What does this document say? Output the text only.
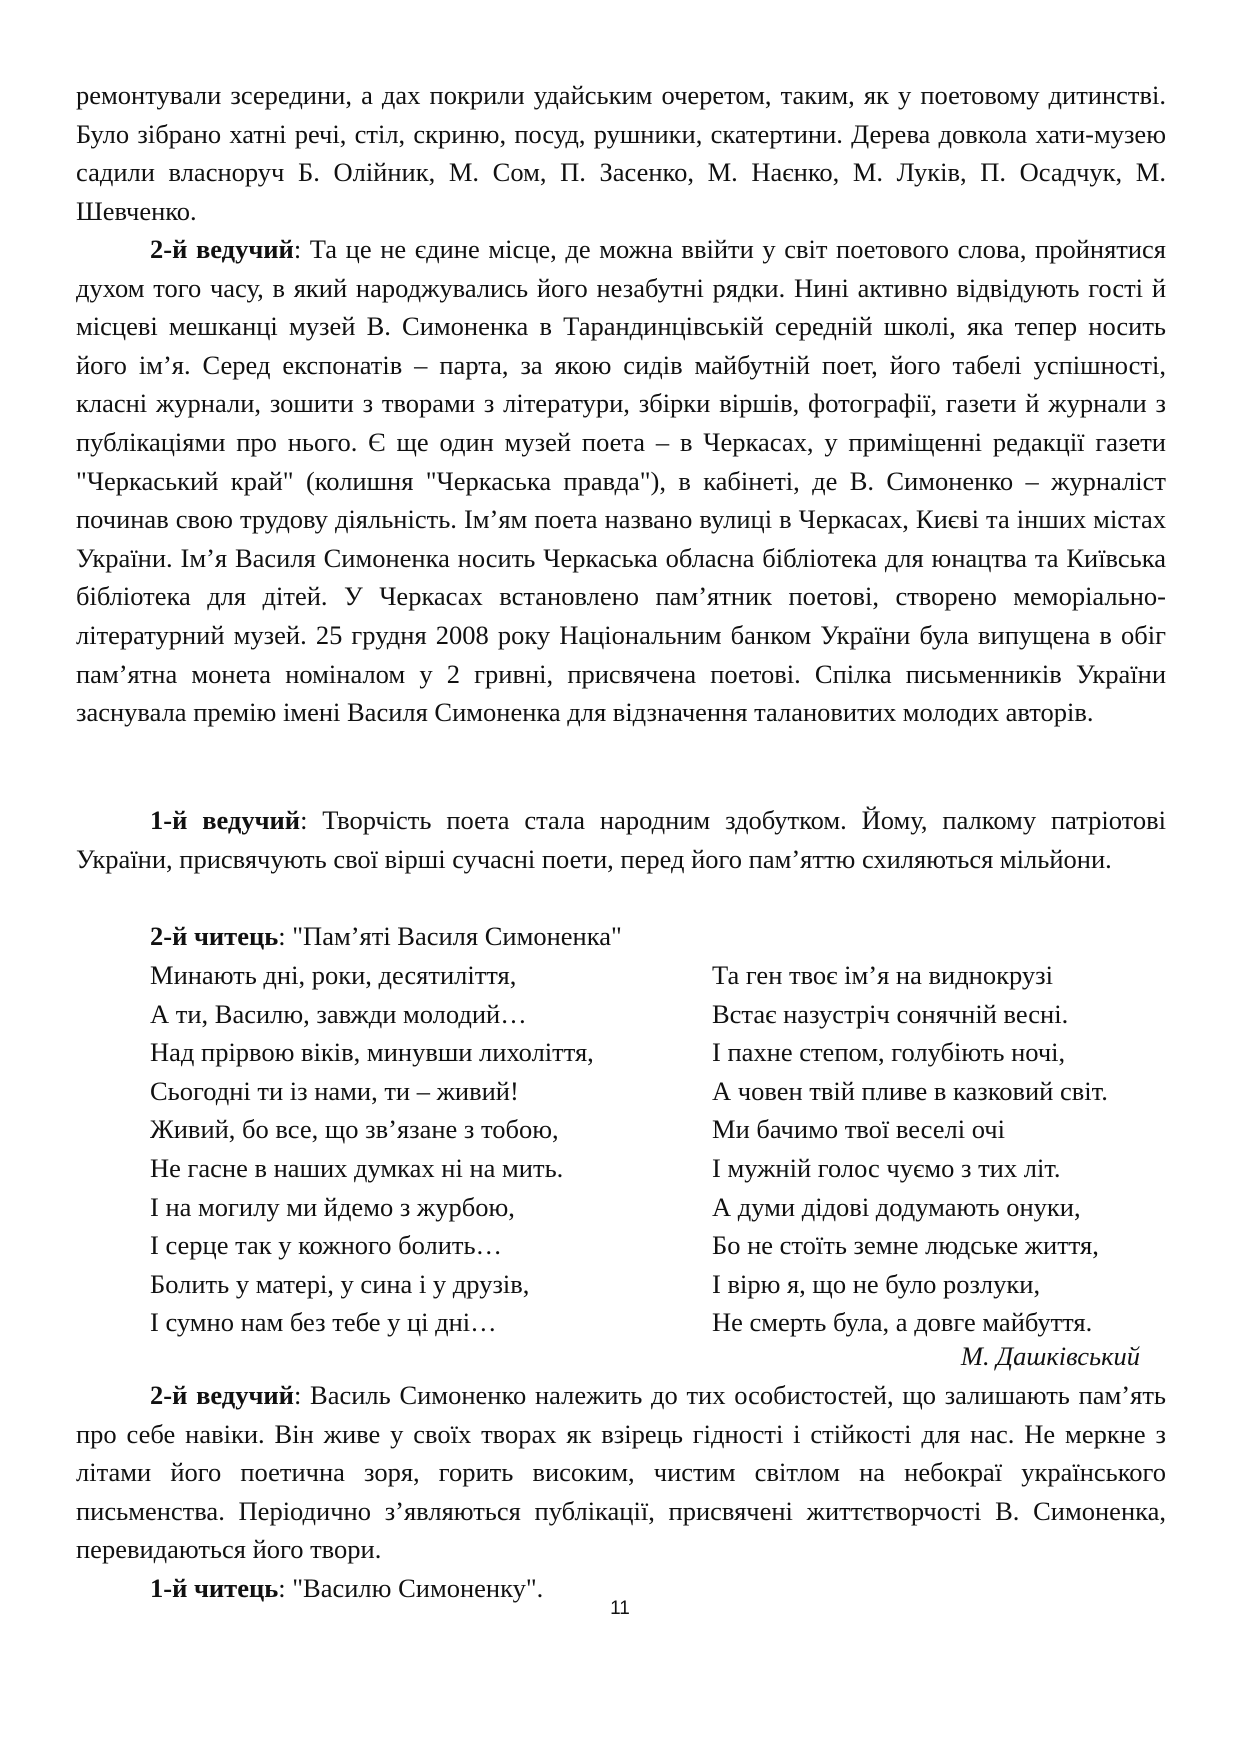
ремонтували зсередини, а дах покрили удайським очеретом, таким, як у поетовому дитинстві. Було зібрано хатні речі, стіл, скриню, посуд, рушники, скатертини. Дерева довкола хати-музею садили власноруч Б. Олійник, М. Сом, П. Засенко, М. Наєнко, М. Луків, П. Осадчук, М. Шевченко.

2-й ведучий: Та це не єдине місце, де можна ввійти у світ поетового слова, пройнятися духом того часу, в який народжувались його незабутні рядки. Нині активно відвідують гості й місцеві мешканці музей В. Симоненка в Тарандинцівській середній школі, яка тепер носить його ім’я. Серед експонатів – парта, за якою сидів майбутній поет, його табелі успішності, класні журнали, зошити з творами з літератури, збірки віршів, фотографії, газети й журнали з публікаціями про нього. Є ще один музей поета – в Черкасах, у приміщенні редакції газети "Черкаський край" (колишня "Черкаська правда"), в кабінеті, де В. Симоненко – журналіст починав свою трудову діяльність. Ім’ям поета названо вулиці в Черкасах, Києві та інших містах України. Ім’я Василя Симоненка носить Черкаська обласна бібліотека для юнацтва та Київська бібліотека для дітей. У Черкасах встановлено пам’ятник поетові, створено меморіально-літературний музей. 25 грудня 2008 року Національним банком України була випущена в обіг пам’ятна монета номіналом у 2 гривні, присвячена поетові. Спілка письменників України заснувала премію імені Василя Симоненка для відзначення талановитих молодих авторів.

1-й ведучий: Творчість поета стала народним здобутком. Йому, палкому патріотові України, присвячують свої вірші сучасні поети, перед його пам’яттю схиляються мільйони.

2-й читець: "Пам’яті Василя Симоненка"

Минають дні, роки, десятиліття,
А ти, Василю, завжди молодий…
Над прірвою віків, минувши лихоліття,
Сьогодні ти із нами, ти – живий!
Живий, бо все, що зв’язане з тобою,
Не гасне в наших думках ні на мить.
І на могилу ми йдемо з журбою,
І серце так у кожного болить…
Болить у матері, у сина і у друзів,
І сумно нам без тебе у ці дні…
Та ген твоє ім’я на виднокрузі
Встає назустріч сонячній весні.
І пахне степом, голубіють ночі,
А човен твій пливе в казковий світ.
Ми бачимо твої веселі очі
І мужній голос чуємо з тих літ.
А думи дідові додумають онуки,
Бо не стоїть земне людське життя,
І вірю я, що не було розлуки,
Не смерть була, а довге майбуття.
М. Дашківський

2-й ведучий: Василь Симоненко належить до тих особистостей, що залишають пам’ять про себе навіки. Він живе у своїх творах як взірець гідності і стійкості для нас. Не меркне з літами його поетична зоря, горить високим, чистим світлом на небокраї українського письменства. Періодично з’являються публікації, присвячені життєтворчості В. Симоненка, перевидаються його твори.

1-й читець: "Василю Симоненку".

11
